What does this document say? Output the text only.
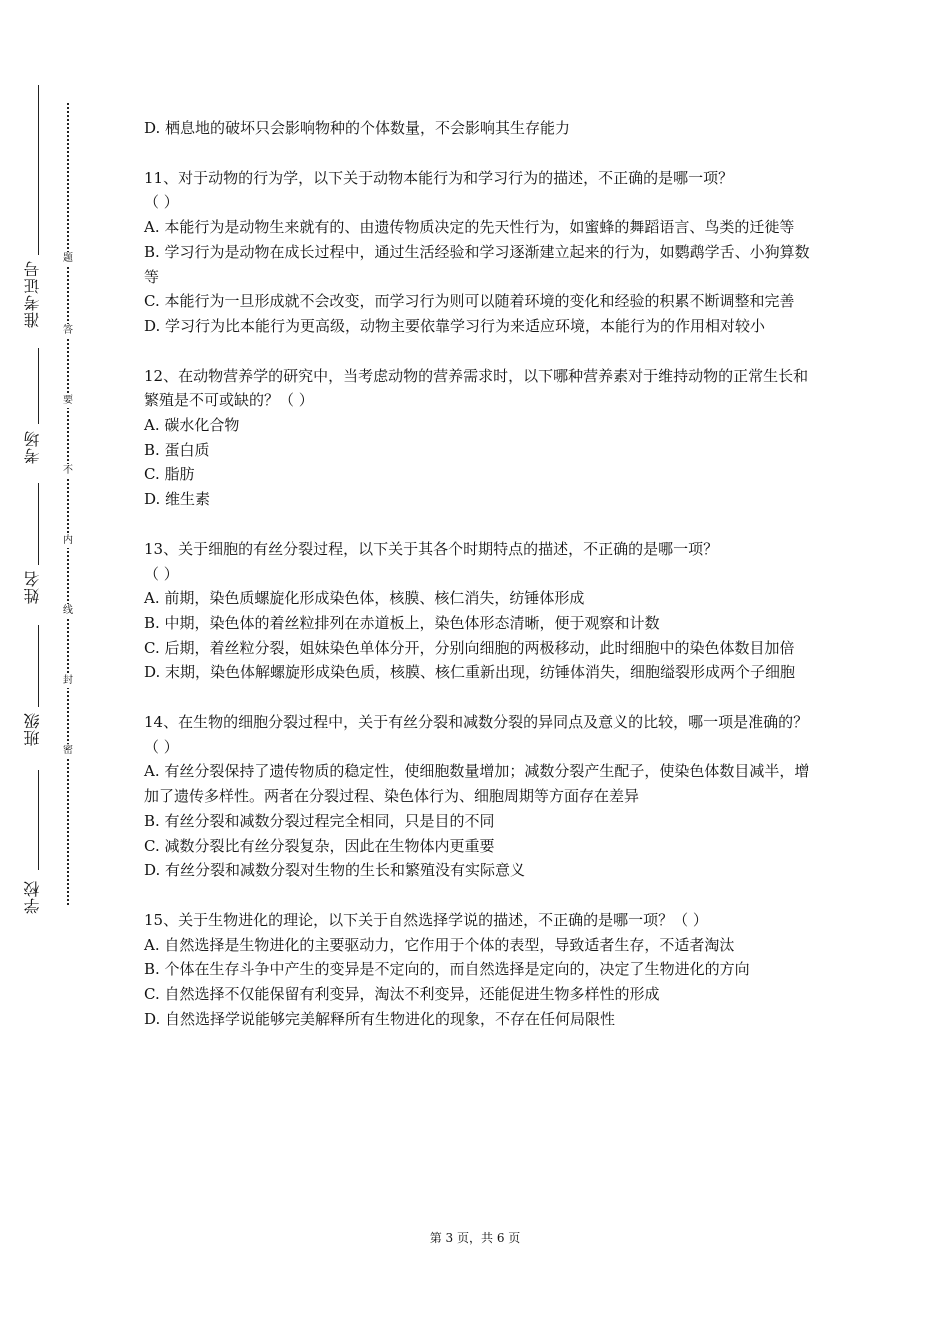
学校
班级
姓名
考场
准考证号
密
封
线
内
不
要
答
题
D. 栖息地的破坏只会影响物种的个体数量，不会影响其生存能力
11、对于动物的行为学，以下关于动物本能行为和学习行为的描述，不正确的是哪一项？
（ ）
A. 本能行为是动物生来就有的、由遗传物质决定的先天性行为，如蜜蜂的舞蹈语言、鸟类的迁徙等
B. 学习行为是动物在成长过程中，通过生活经验和学习逐渐建立起来的行为，如鹦鹉学舌、小狗算数等
C. 本能行为一旦形成就不会改变，而学习行为则可以随着环境的变化和经验的积累不断调整和完善
D. 学习行为比本能行为更高级，动物主要依靠学习行为来适应环境，本能行为的作用相对较小
12、在动物营养学的研究中，当考虑动物的营养需求时，以下哪种营养素对于维持动物的正常生长和繁殖是不可或缺的？（ ）
A. 碳水化合物
B. 蛋白质
C. 脂肪
D. 维生素
13、关于细胞的有丝分裂过程，以下关于其各个时期特点的描述，不正确的是哪一项？
（ ）
A. 前期，染色质螺旋化形成染色体，核膜、核仁消失，纺锤体形成
B. 中期，染色体的着丝粒排列在赤道板上，染色体形态清晰，便于观察和计数
C. 后期，着丝粒分裂，姐妹染色单体分开，分别向细胞的两极移动，此时细胞中的染色体数目加倍
D. 末期，染色体解螺旋形成染色质，核膜、核仁重新出现，纺锤体消失，细胞缢裂形成两个子细胞
14、在生物的细胞分裂过程中，关于有丝分裂和减数分裂的异同点及意义的比较，哪一项是准确的？（ ）
A. 有丝分裂保持了遗传物质的稳定性，使细胞数量增加；减数分裂产生配子，使染色体数目减半，增加了遗传多样性。两者在分裂过程、染色体行为、细胞周期等方面存在差异
B. 有丝分裂和减数分裂过程完全相同，只是目的不同
C. 减数分裂比有丝分裂复杂，因此在生物体内更重要
D. 有丝分裂和减数分裂对生物的生长和繁殖没有实际意义
15、关于生物进化的理论，以下关于自然选择学说的描述，不正确的是哪一项？（ ）
A. 自然选择是生物进化的主要驱动力，它作用于个体的表型，导致适者生存，不适者淘汰
B. 个体在生存斗争中产生的变异是不定向的，而自然选择是定向的，决定了生物进化的方向
C. 自然选择不仅能保留有利变异，淘汰不利变异，还能促进生物多样性的形成
D. 自然选择学说能够完美解释所有生物进化的现象，不存在任何局限性
第 3 页，共 6 页
